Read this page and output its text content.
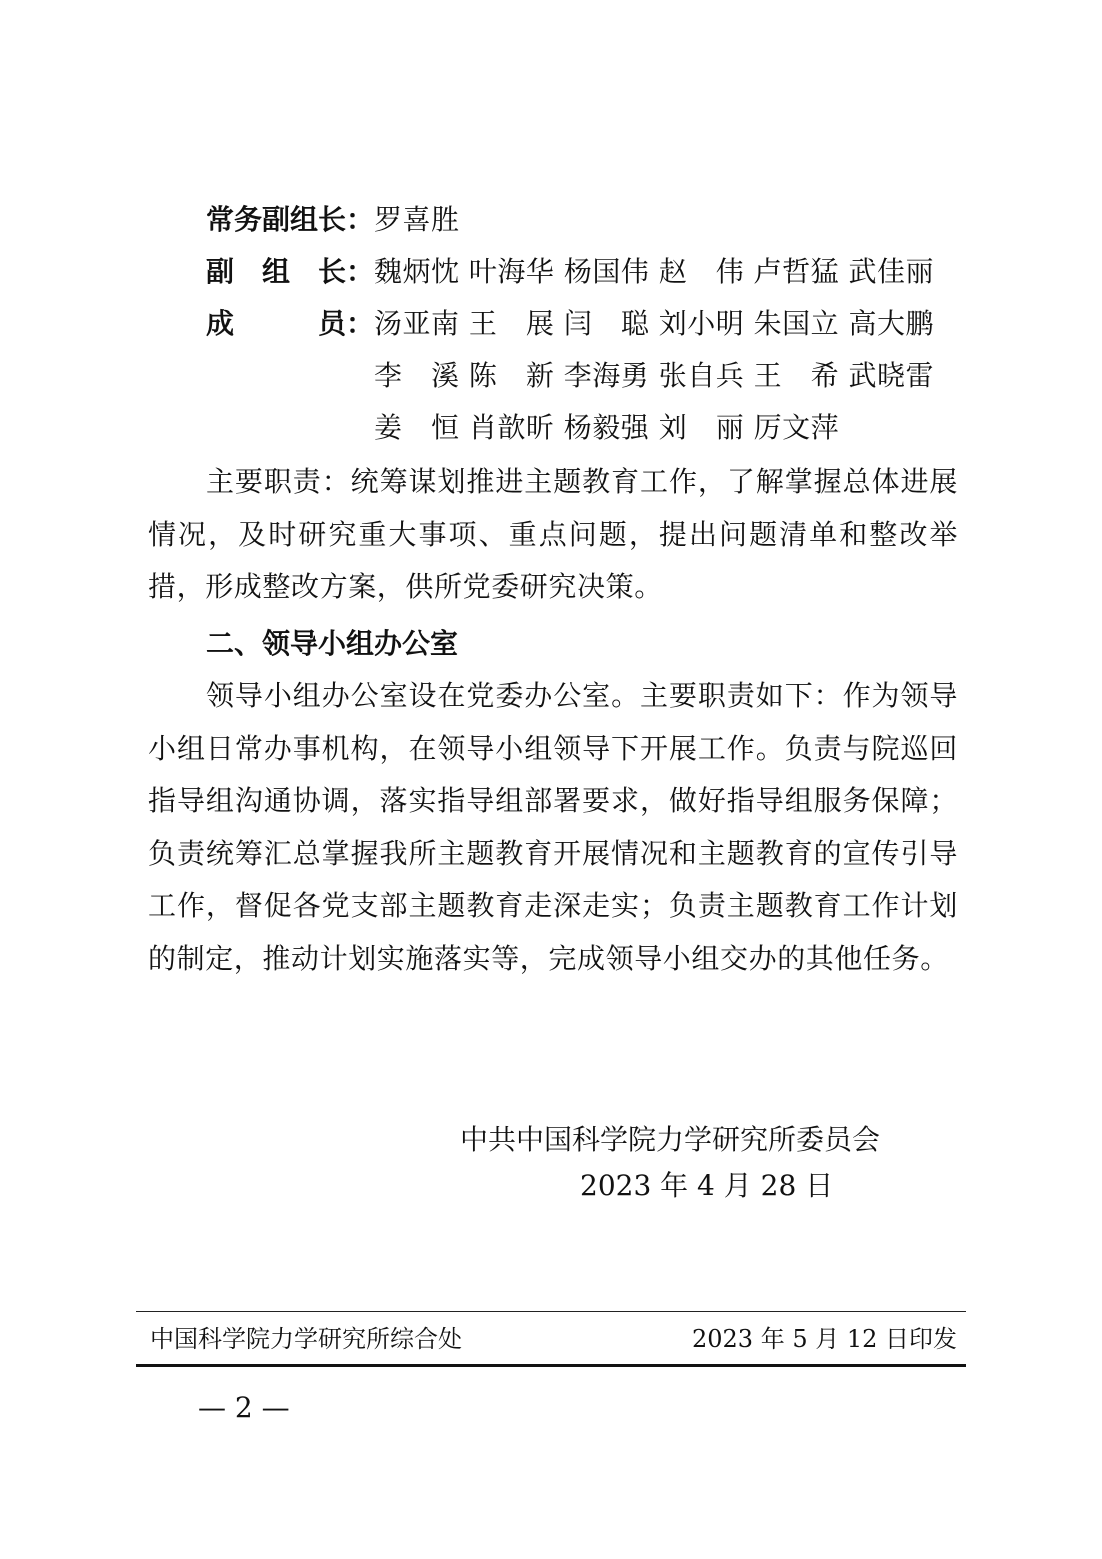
常务副组长：罗喜胜
副　组　长：魏炳忱 叶海华 杨国伟 赵　伟 卢哲猛 武佳丽
成　　　员：汤亚南 王　展 闫　聪 刘小明 朱国立 高大鹏
李　溪 陈　新 李海勇 张自兵 王　希 武晓雷
姜　恒 肖歆昕 杨毅强 刘　丽 厉文萍
主要职责：统筹谋划推进主题教育工作，了解掌握总体进展情况，及时研究重大事项、重点问题，提出问题清单和整改举措，形成整改方案，供所党委研究决策。
二、领导小组办公室
领导小组办公室设在党委办公室。主要职责如下：作为领导小组日常办事机构，在领导小组领导下开展工作。负责与院巡回指导组沟通协调，落实指导组部署要求，做好指导组服务保障；负责统筹汇总掌握我所主题教育开展情况和主题教育的宣传引导工作，督促各党支部主题教育走深走实；负责主题教育工作计划的制定，推动计划实施落实等，完成领导小组交办的其他任务。
中共中国科学院力学研究所委员会
2023 年 4 月 28 日
中国科学院力学研究所综合处	2023 年 5 月 12 日印发
— 2 —
